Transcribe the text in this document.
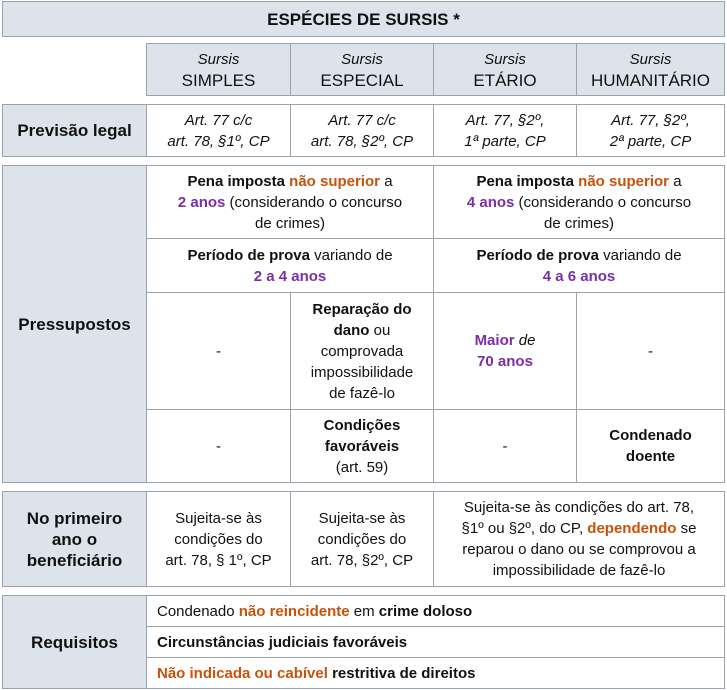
ESPÉCIES DE SURSIS *
Sursis
SIMPLES
Sursis
ESPECIAL
Sursis
ETÁRIO
Sursis
HUMANITÁRIO
Previsão legal
Art. 77 c/c
art. 78, §1º, CP
Art. 77 c/c
art. 78, §2º, CP
Art. 77, §2º,
1ª parte, CP
Art. 77, §2º,
2ª parte, CP
Pressupostos
Pena imposta não superior a
2 anos (considerando o concurso
de crimes)
Pena imposta não superior a
4 anos (considerando o concurso
de crimes)
Período de prova variando de
2 a 4 anos
Período de prova variando de
4 a 6 anos
-
Reparação do
dano ou
comprovada
impossibilidade
de fazê-lo
Maior de
70 anos
-
-
Condições
favoráveis
(art. 59)
-
Condenado
doente
No primeiro
ano o
beneficiário
Sujeita-se às
condições do
art. 78, § 1º, CP
Sujeita-se às
condições do
art. 78, §2º, CP
Sujeita-se às condições do art. 78,
§1º ou §2º, do CP, dependendo se
reparou o dano ou se comprovou a
impossibilidade de fazê-lo
Requisitos
Condenado não reincidente em crime doloso
Circunstâncias judiciais favoráveis
Não indicada ou cabível restritiva de direitos
